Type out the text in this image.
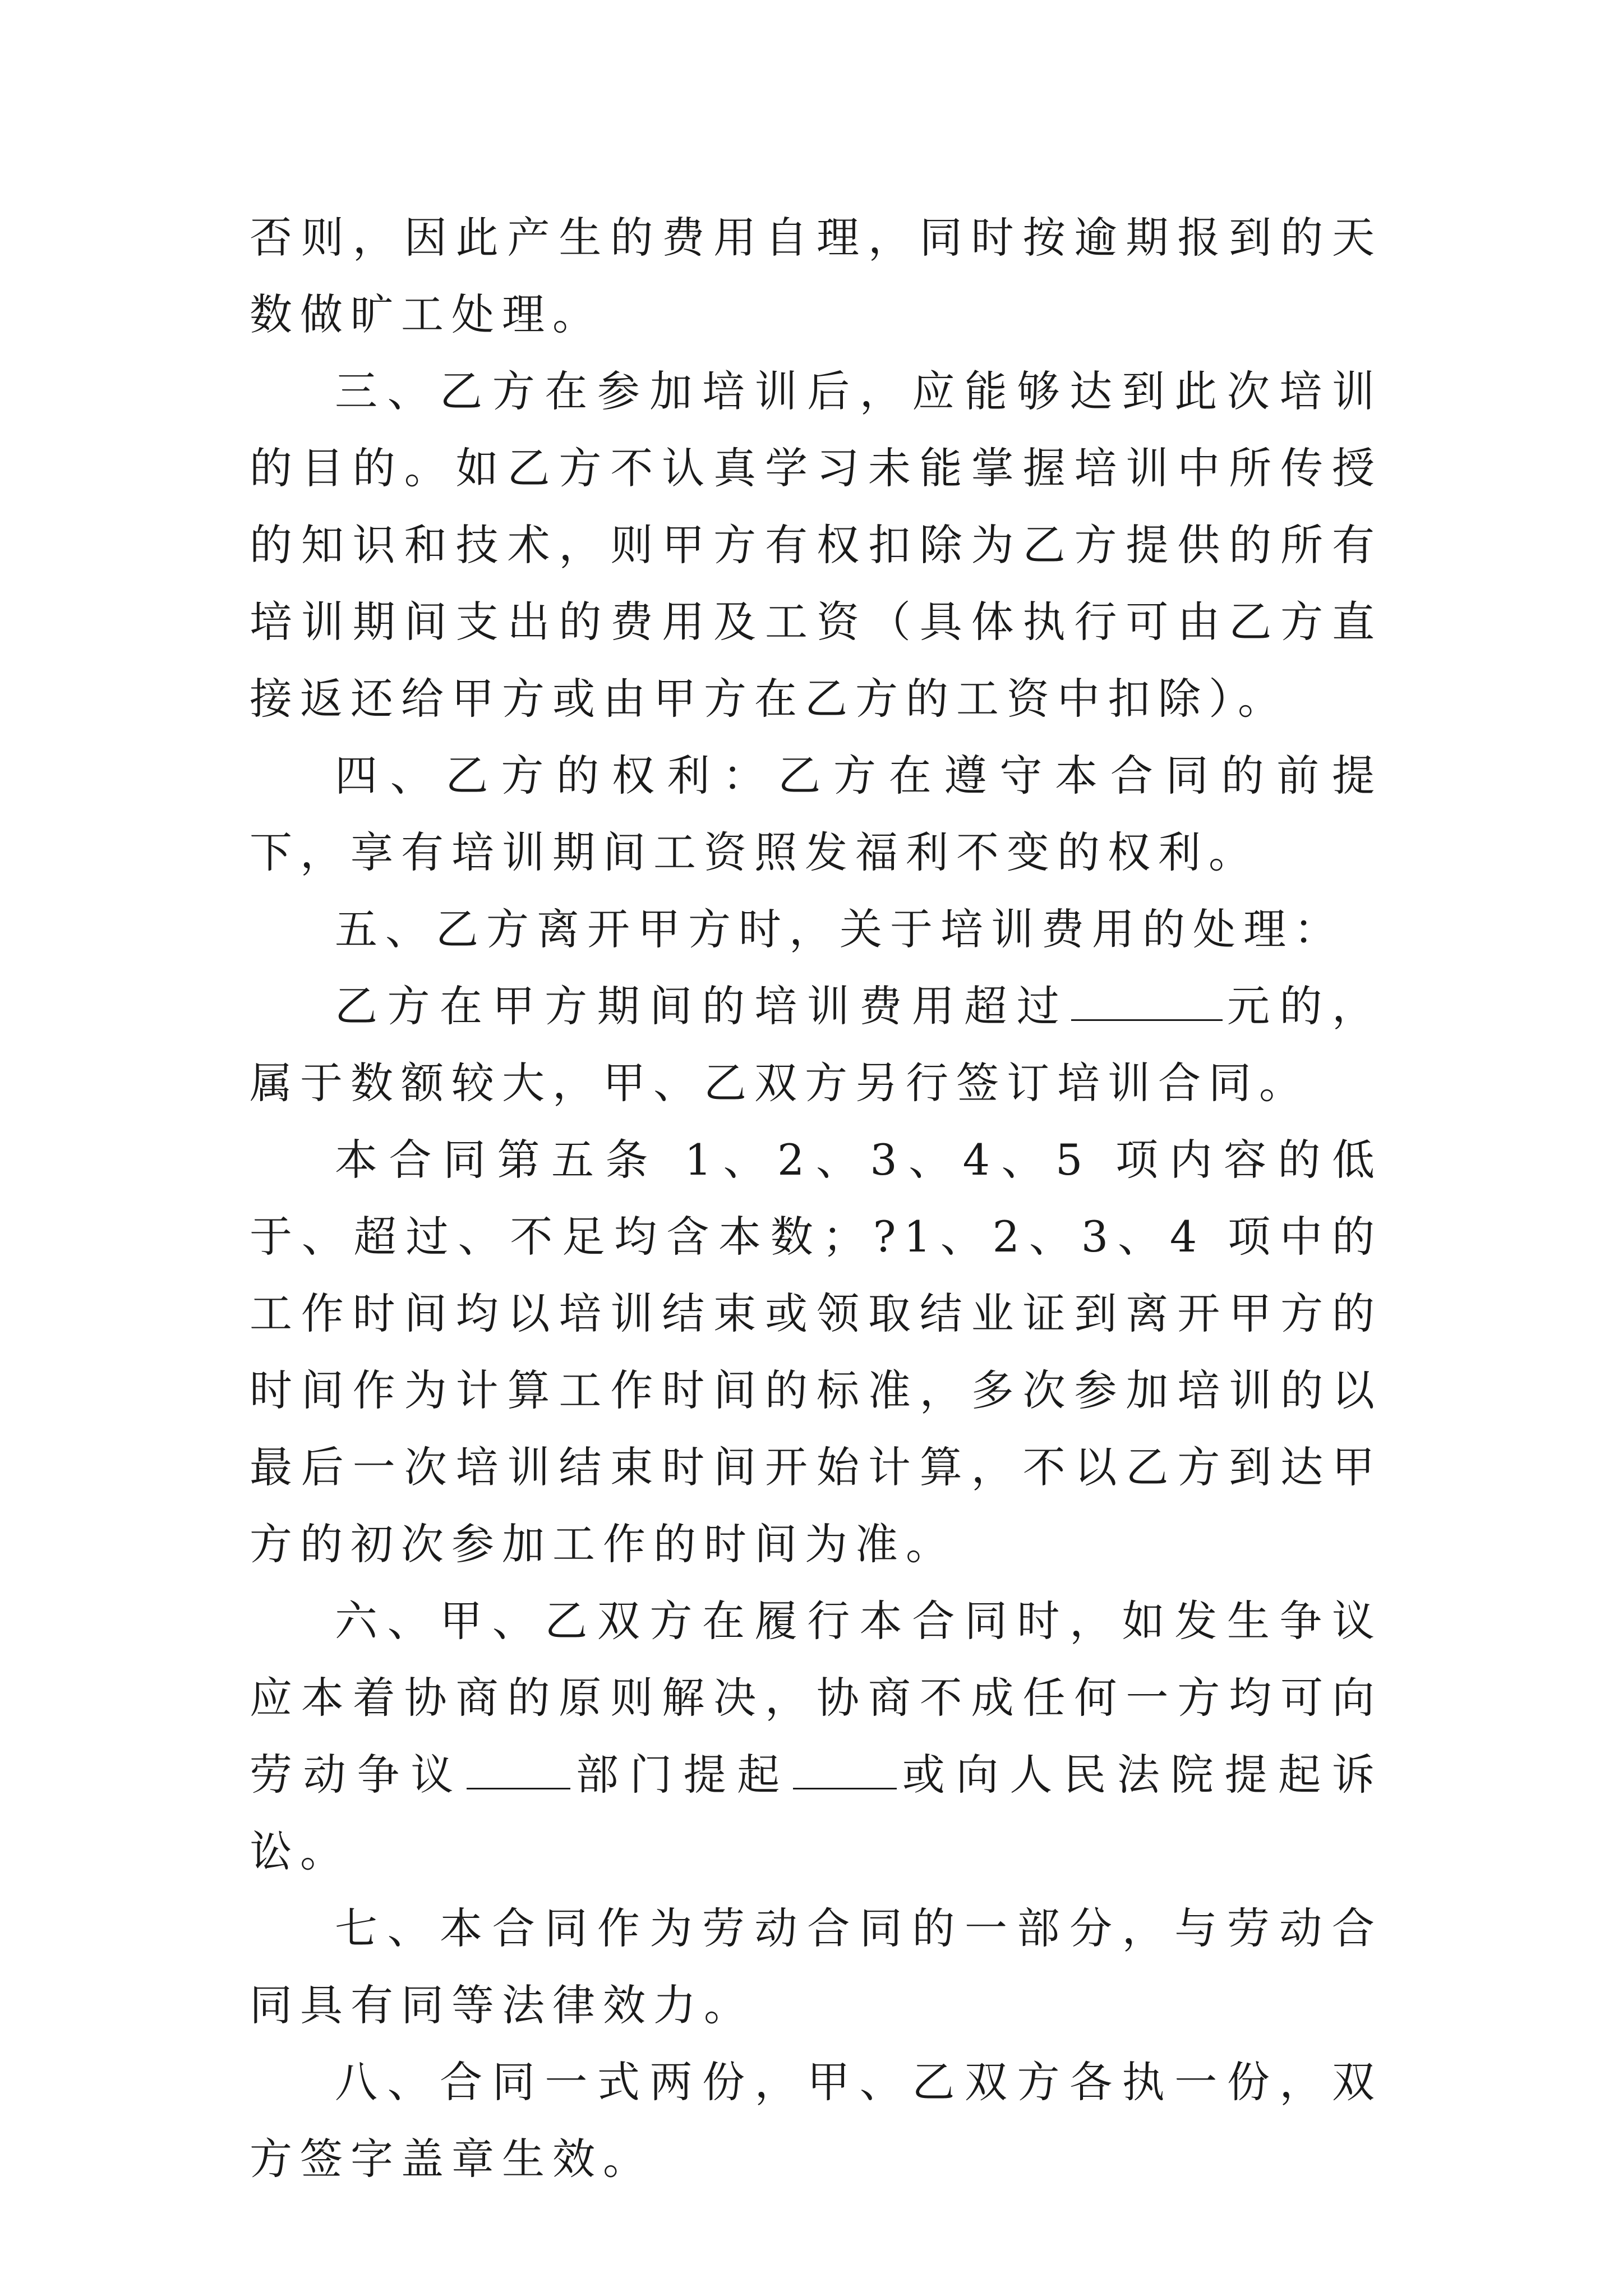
否则，因此产生的费用自理，同时按逾期报到的天数做旷工处理。

三、乙方在参加培训后，应能够达到此次培训的目的。如乙方不认真学习未能掌握培训中所传授的知识和技术，则甲方有权扣除为乙方提供的所有培训期间支出的费用及工资（具体执行可由乙方直接返还给甲方或由甲方在乙方的工资中扣除）。

四、乙方的权利：乙方在遵守本合同的前提下，享有培训期间工资照发福利不变的权利。

五、乙方离开甲方时，关于培训费用的处理：

乙方在甲方期间的培训费用超过	元的，属于数额较大，甲、乙双方另行签订培训合同。

本合同第五条 1、2、3、4、5 项内容的低于、超过、不足均含本数；?1、2、3、4 项中的工作时间均以培训结束或领取结业证到离开甲方的时间作为计算工作时间的标准，多次参加培训的以最后一次培训结束时间开始计算，不以乙方到达甲方的初次参加工作的时间为准。

六、甲、乙双方在履行本合同时，如发生争议应本着协商的原则解决，协商不成任何一方均可向劳动争议	部门提起	或向人民法院提起诉讼。

七、本合同作为劳动合同的一部分，与劳动合同具有同等法律效力。

八、合同一式两份，甲、乙双方各执一份，双方签字盖章生效。
